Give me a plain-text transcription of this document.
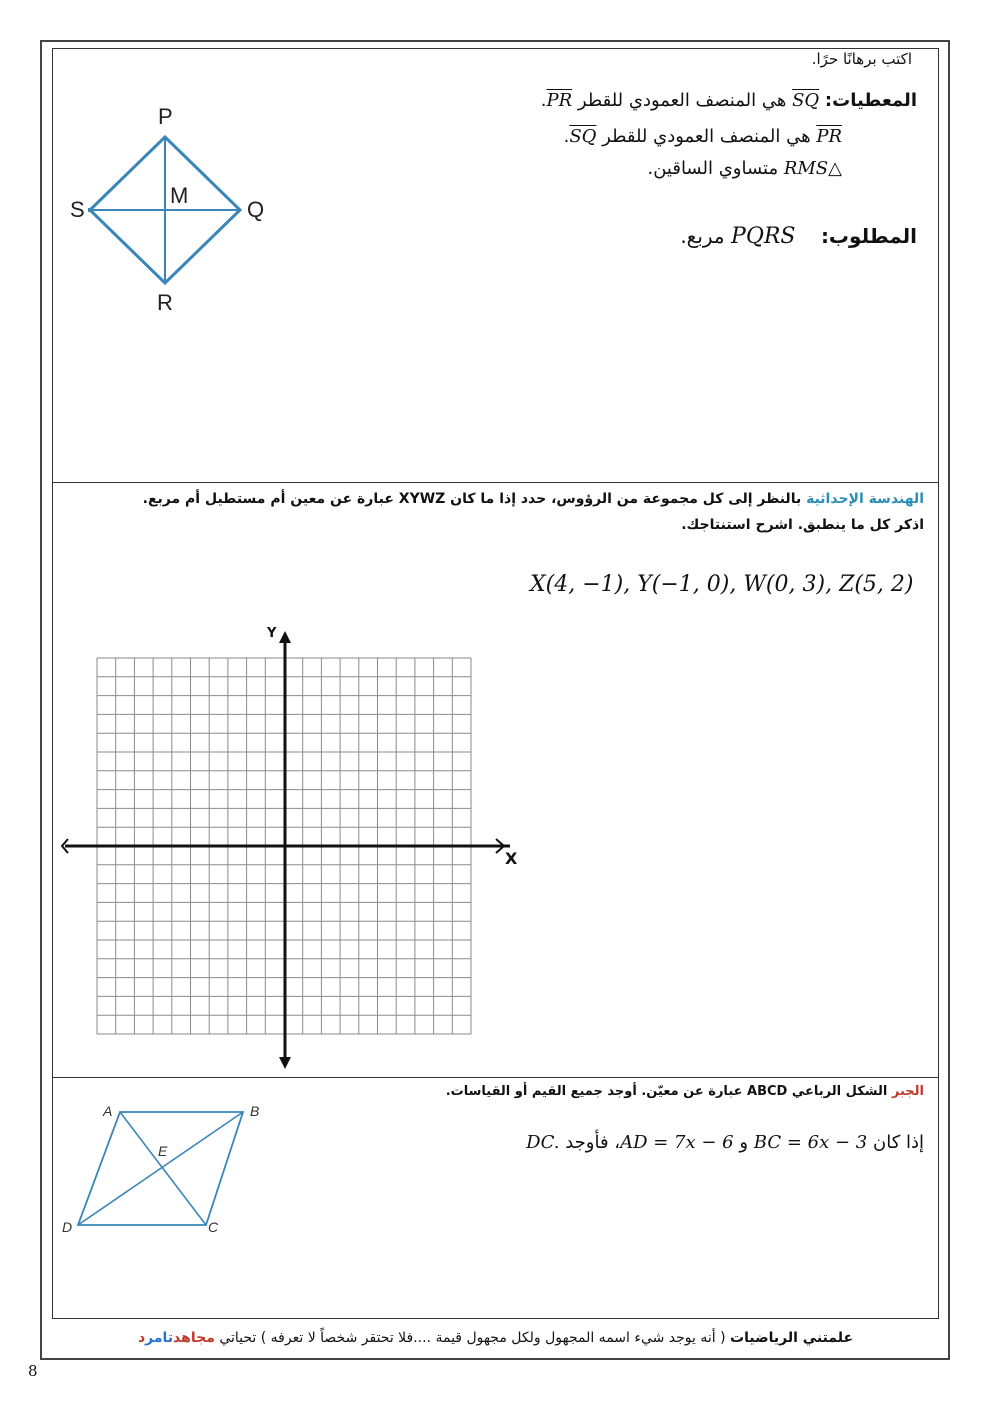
اكتب برهانًا حرًا.
المعطيات: SQ هي المنصف العمودي للقطر PR.
PR هي المنصف العمودي للقطر SQ.
△RMS متساوي الساقين.
المطلوب:    PQRS مربع.
P
Q
R
S
M
الهندسة الإحداثية بالنظر إلى كل مجموعة من الرؤوس، حدد إذا ما كان XYWZ عبارة عن معين أم مستطيل أم مربع. اذكر كل ما ينطبق. اشرح استنتاجك.
X(4, −1), Y(−1, 0), W(0, 3), Z(5, 2)
Y
X
الجبر الشكل الرباعي ABCD عبارة عن معيّن. أوجد جميع القيم أو القياسات.
إذا كان BC = 6x − 3 و AD = 7x − 6، فأوجد DC.
A	B
C
D
E
علمتني الرياضيات ( أنه يوجد شيء اسمه المجهول ولكل مجهول قيمة ....فلا تحتقر شخصاً لا تعرفه ) تحياتي مجاهدتامرد
8
